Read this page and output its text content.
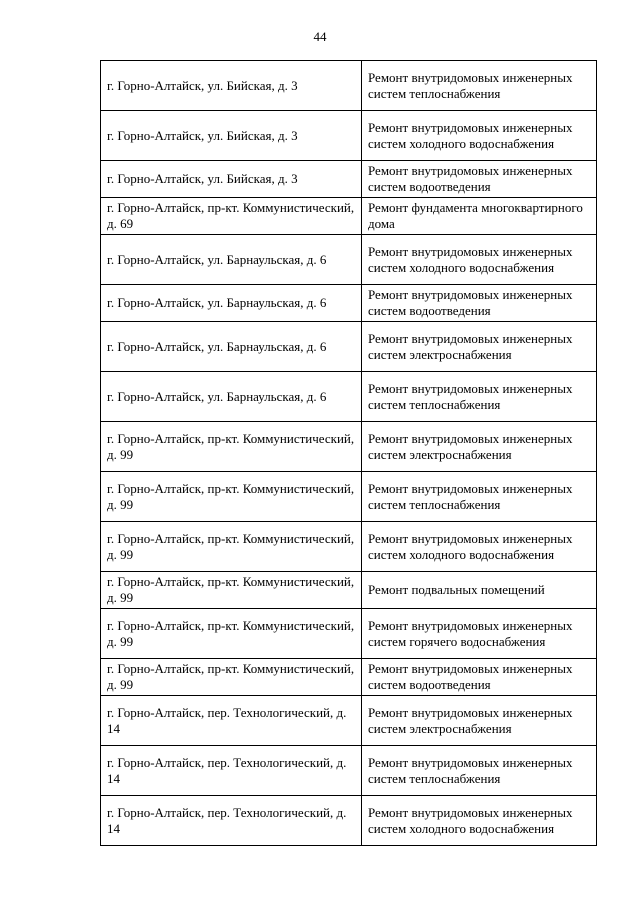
44
г. Горно-Алтайск, ул. Бийская, д. 3	Ремонт внутридомовых инженерных систем теплоснабжения
г. Горно-Алтайск, ул. Бийская, д. 3	Ремонт внутридомовых инженерных систем холодного водоснабжения
г. Горно-Алтайск, ул. Бийская, д. 3	Ремонт внутридомовых инженерных систем водоотведения
г. Горно-Алтайск, пр-кт. Коммунистический, д. 69	Ремонт фундамента многоквартирного дома
г. Горно-Алтайск, ул. Барнаульская, д. 6	Ремонт внутридомовых инженерных систем холодного водоснабжения
г. Горно-Алтайск, ул. Барнаульская, д. 6	Ремонт внутридомовых инженерных систем водоотведения
г. Горно-Алтайск, ул. Барнаульская, д. 6	Ремонт внутридомовых инженерных систем электроснабжения
г. Горно-Алтайск, ул. Барнаульская, д. 6	Ремонт внутридомовых инженерных систем теплоснабжения
г. Горно-Алтайск, пр-кт. Коммунистический, д. 99	Ремонт внутридомовых инженерных систем электроснабжения
г. Горно-Алтайск, пр-кт. Коммунистический, д. 99	Ремонт внутридомовых инженерных систем теплоснабжения
г. Горно-Алтайск, пр-кт. Коммунистический, д. 99	Ремонт внутридомовых инженерных систем холодного водоснабжения
г. Горно-Алтайск, пр-кт. Коммунистический, д. 99	Ремонт подвальных помещений
г. Горно-Алтайск, пр-кт. Коммунистический, д. 99	Ремонт внутридомовых инженерных систем горячего водоснабжения
г. Горно-Алтайск, пр-кт. Коммунистический, д. 99	Ремонт внутридомовых инженерных систем водоотведения
г. Горно-Алтайск, пер. Технологический, д. 14	Ремонт внутридомовых инженерных систем электроснабжения
г. Горно-Алтайск, пер. Технологический, д. 14	Ремонт внутридомовых инженерных систем теплоснабжения
г. Горно-Алтайск, пер. Технологический, д. 14	Ремонт внутридомовых инженерных систем холодного водоснабжения
